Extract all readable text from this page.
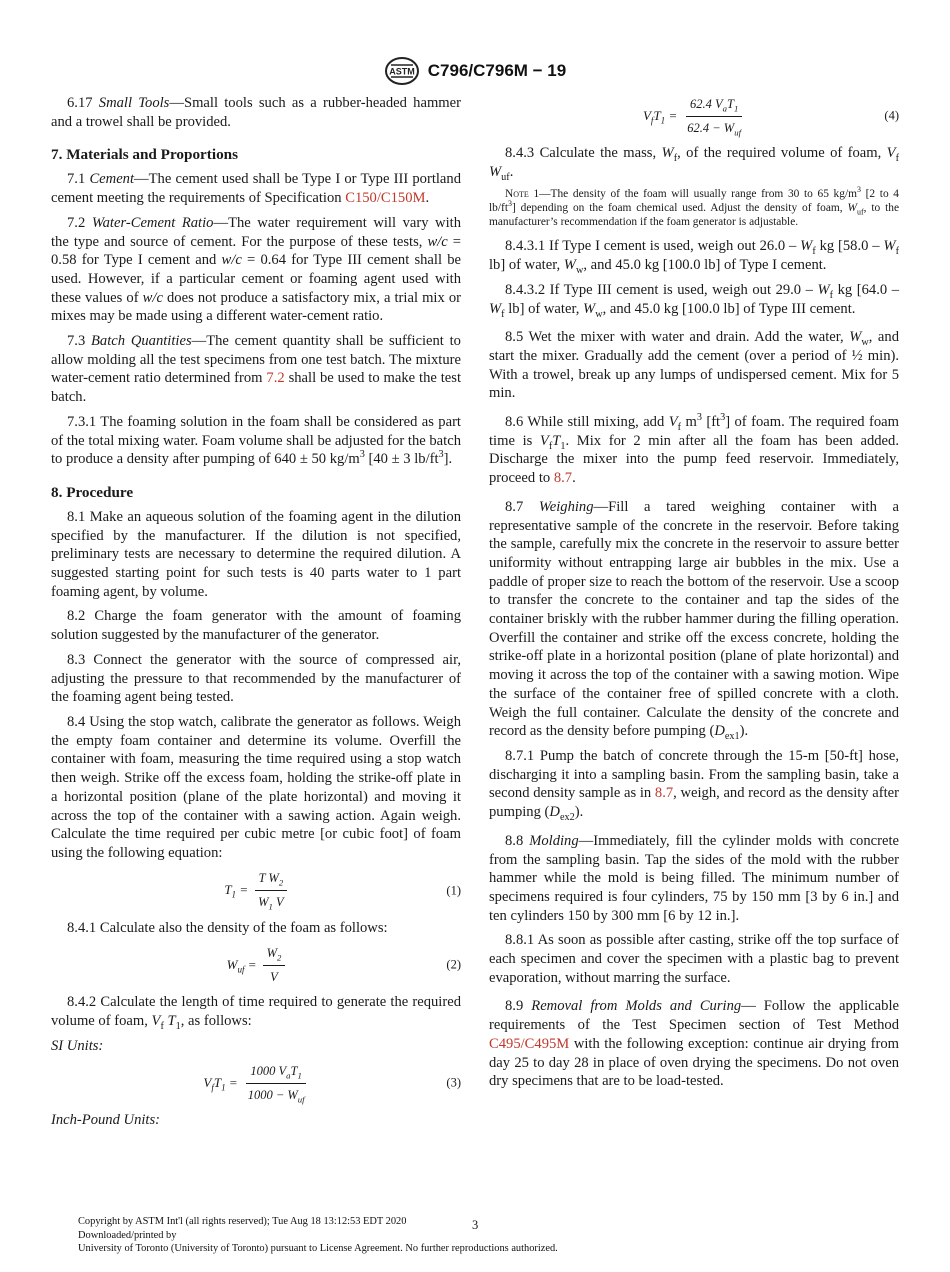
ASTM C796/C796M − 19

6.17 Small Tools—Small tools such as a rubber-headed hammer and a trowel shall be provided.

7. Materials and Proportions

7.1 Cement—The cement used shall be Type I or Type III portland cement meeting the requirements of Specification C150/C150M.

7.2 Water-Cement Ratio—The water requirement will vary with the type and source of cement. For the purpose of these tests, w/c = 0.58 for Type I cement and w/c = 0.64 for Type III cement shall be used. However, if a particular cement or foaming agent used with these values of w/c does not produce a satisfactory mix, a trial mix or mixes may be made using a different water-cement ratio.

7.3 Batch Quantities—The cement quantity shall be sufficient to allow molding all the test specimens from one test batch. The mixture water-cement ratio determined from 7.2 shall be used to make the test batch.

7.3.1 The foaming solution in the foam shall be considered as part of the total mixing water. Foam volume shall be adjusted for the batch to produce a density after pumping of 640 ± 50 $kg/m^3$ [40 ± 3 $lb/ft^3$].

8. Procedure

8.1 Make an aqueous solution of the foaming agent in the dilution specified by the manufacturer. If the dilution is not specified, preliminary tests are necessary to determine the required dilution. A suggested starting point for such tests is 40 parts water to 1 part foaming agent, by volume.

8.2 Charge the foam generator with the amount of foaming solution suggested by the manufacturer of the generator.

8.3 Connect the generator with the source of compressed air, adjusting the pressure to that recommended by the manufacturer of the foaming agent being tested.

8.4 Using the stop watch, calibrate the generator as follows. Weigh the empty foam container and determine its volume. Overfill the container with foam, measuring the time required using a stop watch then weigh. Strike off the excess foam, holding the strike-off plate in a horizontal position (plane of the plate horizontal) and moving it across the top of the container with a sawing action. Again weigh. Calculate the time required per cubic metre [or cubic foot] of foam using the following equation:

$T_1 = \frac{T W_2}{W_1 V}$	(1)

8.4.1 Calculate also the density of the foam as follows:

$W_{uf} = \frac{W_2}{V}$	(2)

8.4.2 Calculate the length of time required to generate the required volume of foam, $V_f$ $T_1$, as follows:

SI Units:

$V_fT_1 = \frac{1000 V_aT_1}{1000 - W_{uf}}$	(3)

Inch-Pound Units:

$V_fT_1 = \frac{62.4 V_aT_1}{62.4 - W_{uf}}$	(4)

8.4.3 Calculate the mass, $W_f$, of the required volume of foam, $V_f$ $W_{uf}$.

Note 1—The density of the foam will usually range from 30 to 65 $kg/m^3$ [2 to 4 $lb/ft^3$] depending on the foam chemical used. Adjust the density of foam, $W_{uf}$, to the manufacturer’s recommendation if the foam generator is adjustable.

8.4.3.1 If Type I cement is used, weigh out $26.0 - W_f$ kg [$58.0 - W_f$ lb] of water, $W_w$, and 45.0 kg [100.0 lb] of Type I cement.

8.4.3.2 If Type III cement is used, weigh out $29.0 - W_f$ kg [$64.0 - W_f$ lb] of water, $W_w$, and 45.0 kg [100.0 lb] of Type III cement.

8.5 Wet the mixer with water and drain. Add the water, $W_w$, and start the mixer. Gradually add the cement (over a period of ½ min). With a trowel, break up any lumps of undispersed cement. Mix for 5 min.

8.6 While still mixing, add $V_f$ $m^3$ $[ft^3]$ of foam. The required foam time is $V_fT_1$. Mix for 2 min after all the foam has been added. Discharge the mixer into the pump feed reservoir. Immediately, proceed to 8.7.

8.7 Weighing—Fill a tared weighing container with a representative sample of the concrete in the reservoir. Before taking the sample, carefully mix the concrete in the reservoir to assure better uniformity without entrapping large air bubbles in the mix. Use a paddle of proper size to reach the bottom of the reservoir. Use a scoop to transfer the concrete to the container and tap the sides of the container briskly with the rubber hammer during the filling operation. Overfill the container and strike off the excess concrete, holding the strike-off plate in a horizontal position (plane of plate horizontal) and moving it across the top of the container with a sawing motion. Wipe the surface of the container free of spilled concrete with a cloth. Weigh the full container. Calculate the density of the concrete and record as the density before pumping $(D_{ex1})$.

8.7.1 Pump the batch of concrete through the 15-m [50-ft] hose, discharging it into a sampling basin. From the sampling basin, take a second density sample as in 8.7, weigh, and record as the density after pumping $(D_{ex2})$.

8.8 Molding—Immediately, fill the cylinder molds with concrete from the sampling basin. Tap the sides of the mold with the rubber hammer while the mold is being filled. The minimum number of specimens required is four cylinders, 75 by 150 mm [3 by 6 in.] and ten cylinders 150 by 300 mm [6 by 12 in.].

8.8.1 As soon as possible after casting, strike off the top surface of each specimen and cover the specimen with a plastic bag to prevent evaporation, without marring the surface.

8.9 Removal from Molds and Curing— Follow the applicable requirements of the Test Specimen section of Test Method C495/C495M with the following exception: continue air drying from day 25 to day 28 in place of oven drying the specimens. Do not oven dry specimens that are to be load-tested.

Copyright by ASTM Int'l (all rights reserved); Tue Aug 18 13:12:53 EDT 2020
Downloaded/printed by
University of Toronto (University of Toronto) pursuant to License Agreement. No further reproductions authorized.
3
